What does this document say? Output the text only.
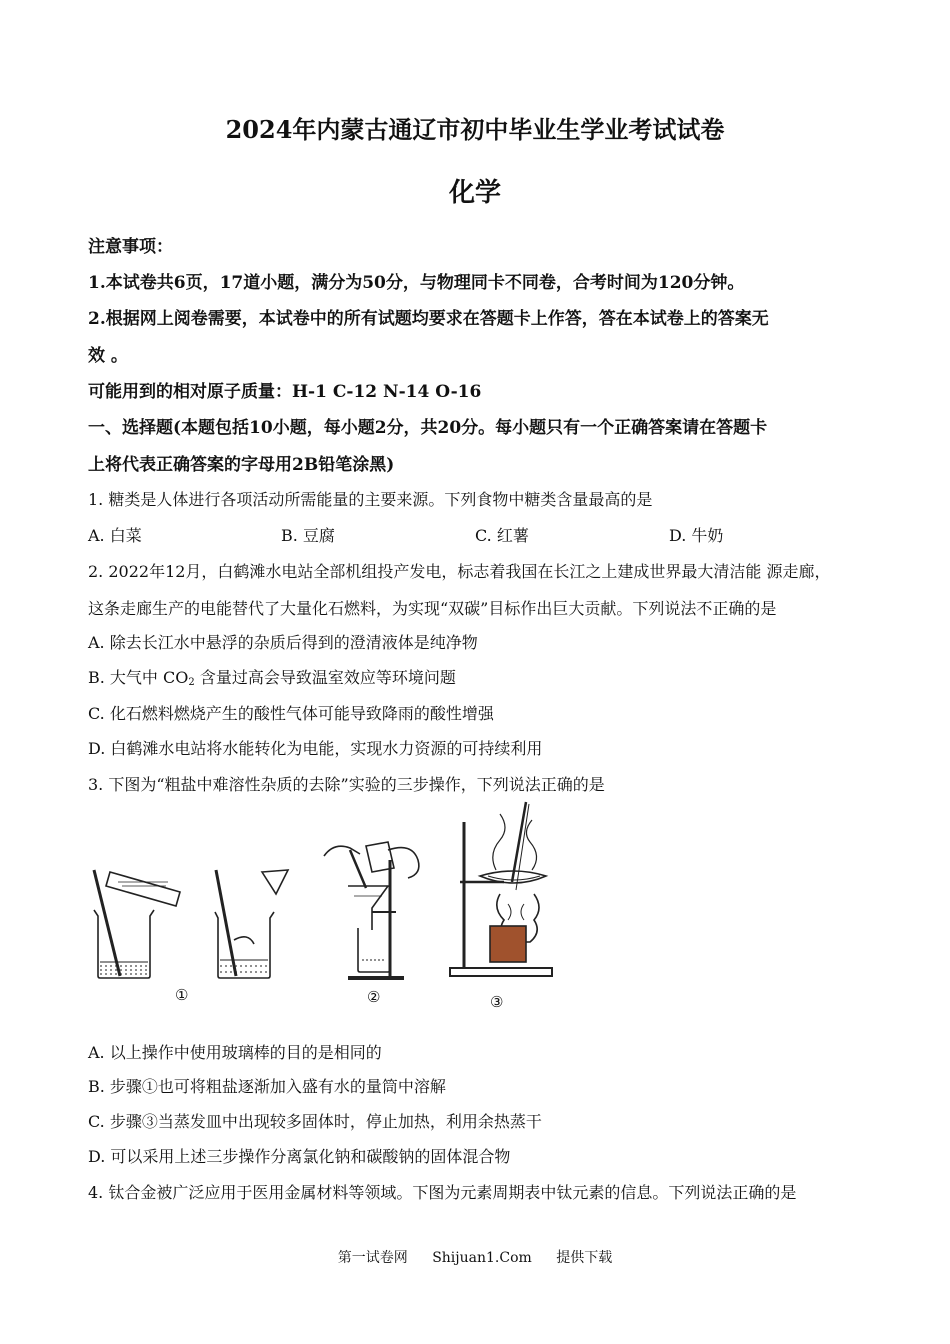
2024年内蒙古通辽市初中毕业生学业考试试卷
化学
注意事项：
1.本试卷共6页，17道小题，满分为50分，与物理同卡不同卷，合考时间为120分钟。
2.根据网上阅卷需要，本试卷中的所有试题均要求在答题卡上作答，答在本试卷上的答案无
效 。
可能用到的相对原子质量：H-1 C-12 N-14 O-16
一、选择题(本题包括10小题，每小题2分，共20分。每小题只有一个正确答案请在答题卡
上将代表正确答案的字母用2B铅笔涂黑)
1. 糖类是人体进行各项活动所需能量的主要来源。下列食物中糖类含量最高的是
A. 白菜	B. 豆腐	C. 红薯	D. 牛奶
2. 2022年12月，白鹤滩水电站全部机组投产发电，标志着我国在长江之上建成世界最大清洁能 源走廊，
这条走廊生产的电能替代了大量化石燃料，为实现“双碳”目标作出巨大贡献。下列说法不正确的是
A. 除去长江水中悬浮的杂质后得到的澄清液体是纯净物
B. 大气中 $CO_2$ 含量过高会导致温室效应等环境问题
C. 化石燃料燃烧产生的酸性气体可能导致降雨的酸性增强
D. 白鹤滩水电站将水能转化为电能，实现水力资源的可持续利用
3. 下图为“粗盐中难溶性杂质的去除”实验的三步操作，下列说法正确的是
①	②	③
A. 以上操作中使用玻璃棒的目的是相同的
B. 步骤①也可将粗盐逐渐加入盛有水的量筒中溶解
C. 步骤③当蒸发皿中出现较多固体时，停止加热，利用余热蒸干
D. 可以采用上述三步操作分离氯化钠和碳酸钠的固体混合物
4. 钛合金被广泛应用于医用金属材料等领域。下图为元素周期表中钛元素的信息。下列说法正确的是
第一试卷网 Shijuan1.Com 提供下载
